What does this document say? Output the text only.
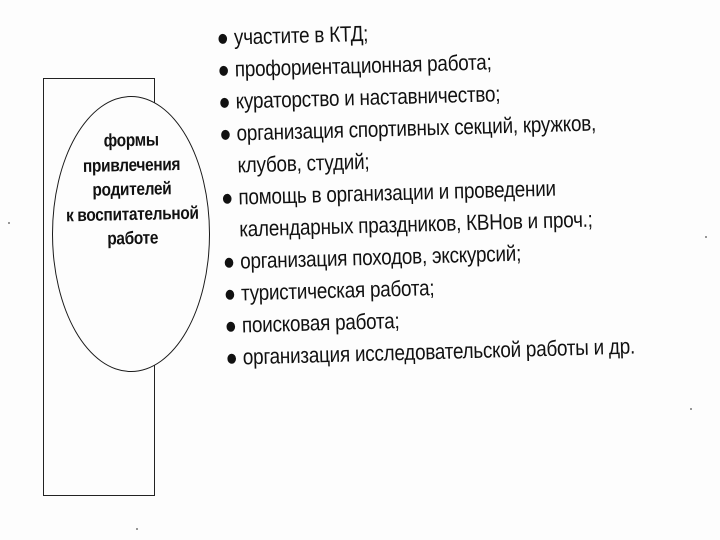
формы
привлечения
родителей
к воспитательной
работе
участите в КТД;
профориентационная работа;
кураторство и наставничество;
организация спортивных секций, кружков,
клубов, студий;
помощь в организации и проведении
календарных праздников, КВНов и проч.;
организация походов, экскурсий;
туристическая работа;
поисковая работа;
организация исследовательской работы и др.
